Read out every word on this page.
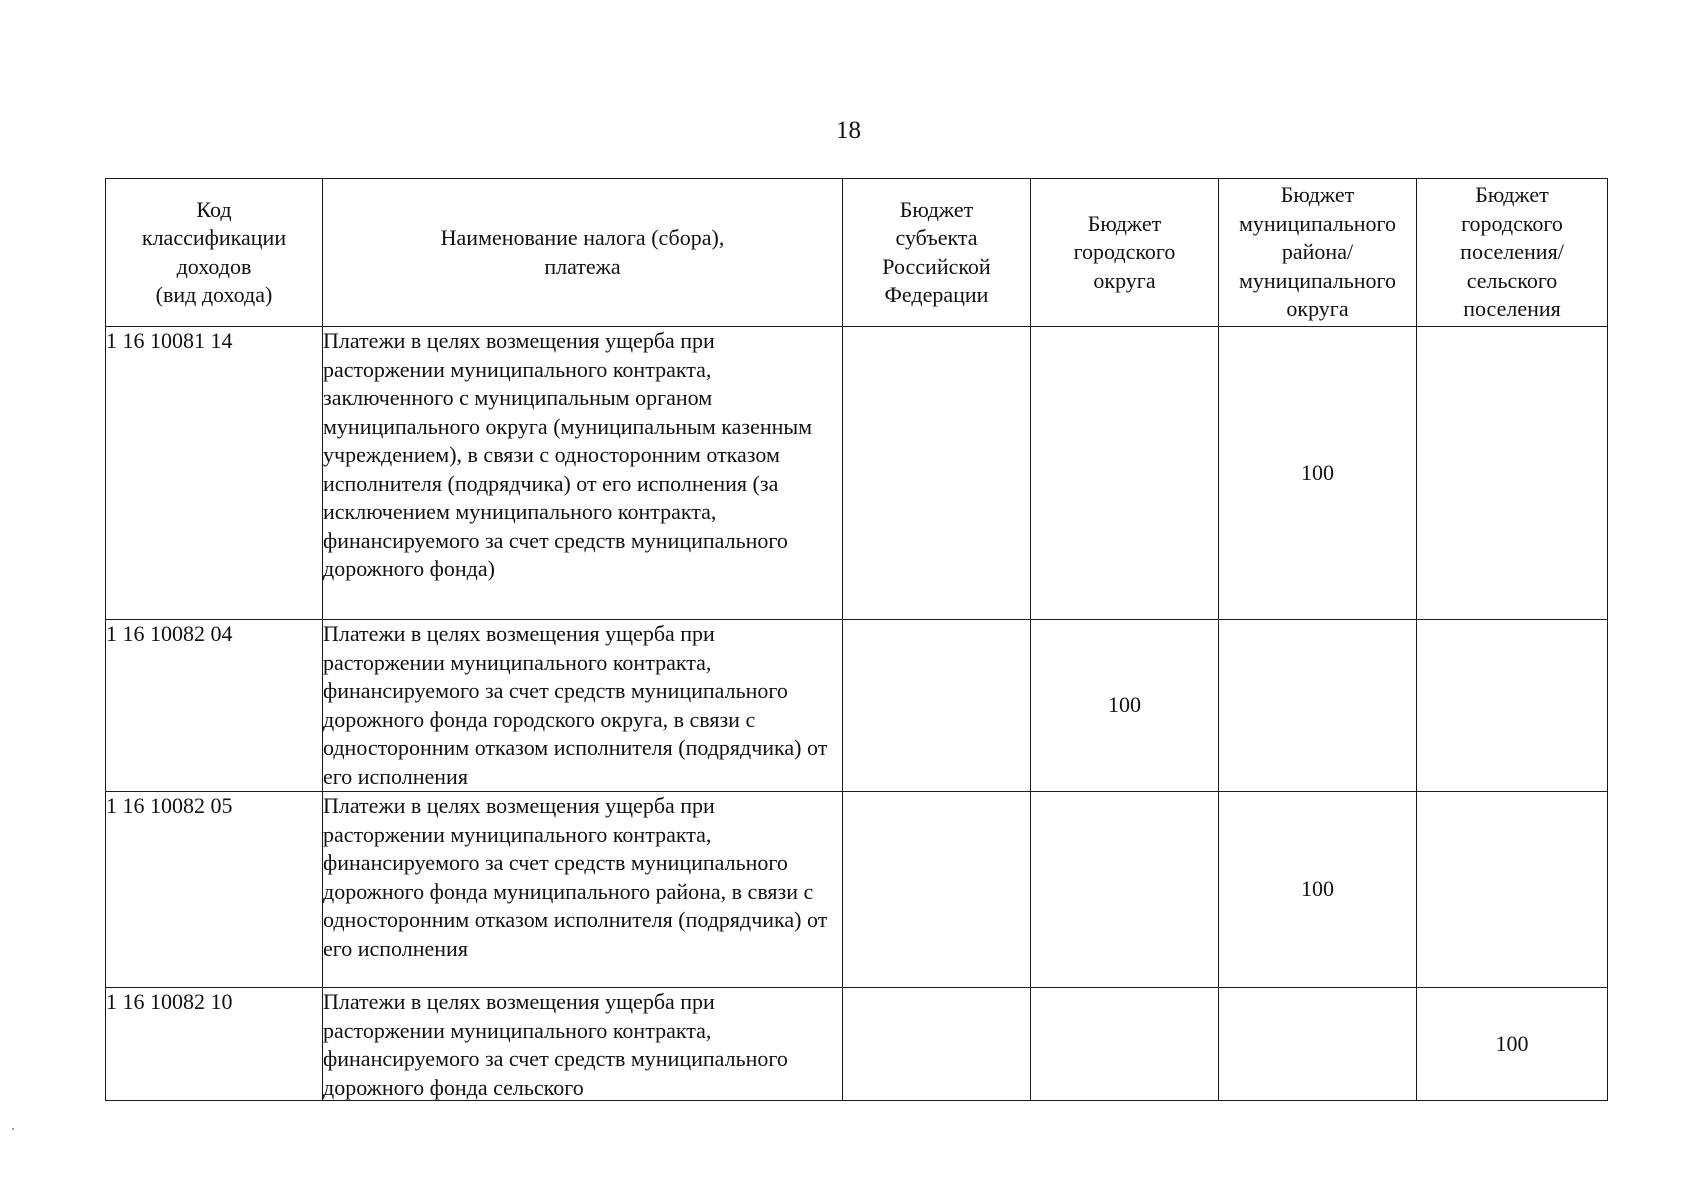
18
Код
классификации
доходов
(вид дохода)	Наименование налога (сбора),
платежа	Бюджет
субъекта
Российской
Федерации	Бюджет
городского
округа	Бюджет
муниципального
района/
муниципального
округа	Бюджет
городского
поселения/
сельского
поселения

1 16 10081 14	Платежи в целях возмещения ущерба при расторжении муниципального контракта, заключенного с муниципальным органом муниципального округа (муниципальным казенным учреждением), в связи с односторонним отказом исполнителя (подрядчика) от его исполнения (за исключением муниципального контракта, финансируемого за счет средств муниципального дорожного фонда)			100	
1 16 10082 04	Платежи в целях возмещения ущерба при расторжении муниципального контракта, финансируемого за счет средств муниципального дорожного фонда городского округа, в связи с односторонним отказом исполнителя (подрядчика) от его исполнения		100		
1 16 10082 05	Платежи в целях возмещения ущерба при расторжении муниципального контракта, финансируемого за счет средств муниципального дорожного фонда муниципального района, в связи с односторонним отказом исполнителя (подрядчика) от его исполнения			100	
1 16 10082 10	Платежи в целях возмещения ущерба при расторжении муниципального контракта, финансируемого за счет средств муниципального дорожного фонда сельского				100
